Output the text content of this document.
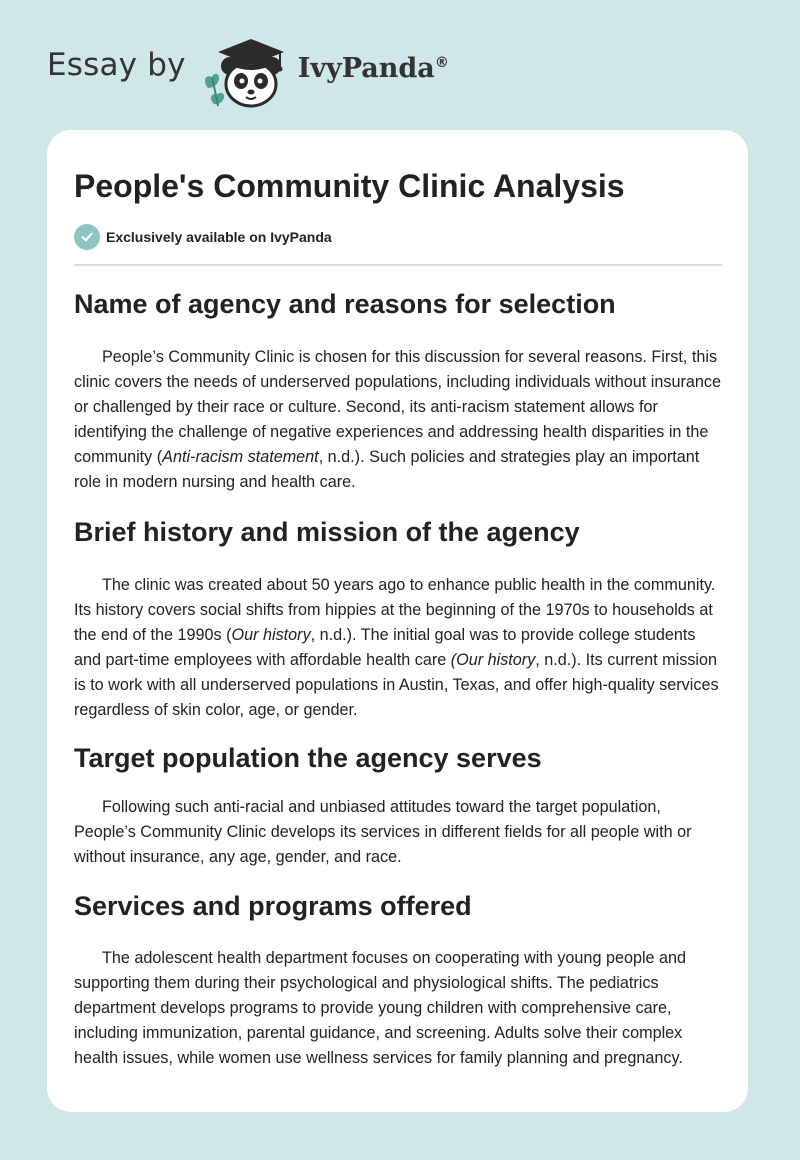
Essay by	IvyPanda®
People's Community Clinic Analysis
Exclusively available on IvyPanda
Name of agency and reasons for selection

People’s Community Clinic is chosen for this discussion for several reasons. First, this clinic covers the needs of underserved populations, including individuals without insurance or challenged by their race or culture. Second, its anti-racism statement allows for identifying the challenge of negative experiences and addressing health disparities in the community (Anti-racism statement, n.d.). Such policies and strategies play an important role in modern nursing and health care.

Brief history and mission of the agency

The clinic was created about 50 years ago to enhance public health in the community. Its history covers social shifts from hippies at the beginning of the 1970s to households at the end of the 1990s (Our history, n.d.). The initial goal was to provide college students and part-time employees with affordable health care (Our history, n.d.). Its current mission is to work with all underserved populations in Austin, Texas, and offer high-quality services regardless of skin color, age, or gender.

Target population the agency serves

Following such anti-racial and unbiased attitudes toward the target population, People’s Community Clinic develops its services in different fields for all people with or without insurance, any age, gender, and race.

Services and programs offered

The adolescent health department focuses on cooperating with young people and supporting them during their psychological and physiological shifts. The pediatrics department develops programs to provide young children with comprehensive care, including immunization, parental guidance, and screening. Adults solve their complex health issues, while women use wellness services for family planning and pregnancy.
